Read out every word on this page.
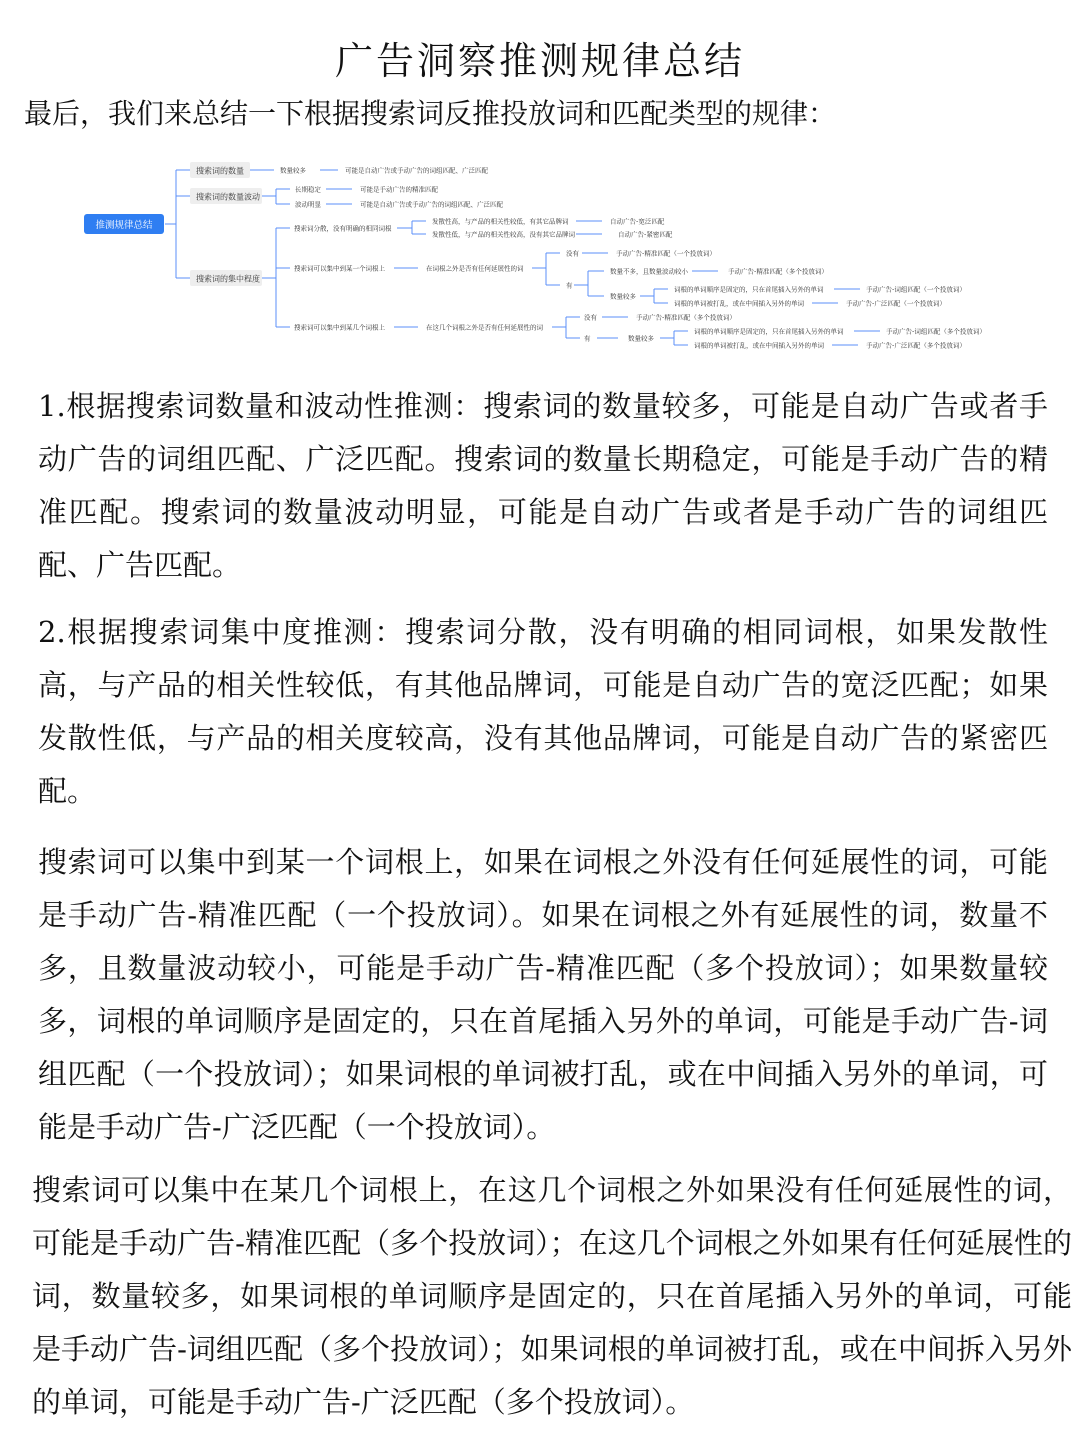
广告洞察推测规律总结
最后，我们来总结一下根据搜索词反推投放词和匹配类型的规律：
推测规律总结
搜索词的数量
搜索词的数量波动
搜索词的集中程度
数量较多	可能是自动广告或手动广告的词组匹配、广泛匹配
长期稳定	可能是手动广告的精准匹配
波动明显	可能是自动广告或手动广告的词组匹配、广泛匹配
搜索词分散，没有明确的相同词根
发散性高，与产品的相关性较低，有其它品牌词	自动广告-宽泛匹配
发散性低，与产品的相关性较高，没有其它品牌词	自动广告-紧密匹配
搜索词可以集中到某一个词根上	在词根之外是否有任何延展性的词
没有	手动广告-精准匹配（一个投放词）
有
数量不多，且数量波动较小	手动广告-精准匹配（多个投放词）
数量较多
词根的单词顺序是固定的，只在首尾插入另外的单词	手动广告-词组匹配（一个投放词）
词根的单词被打乱，或在中间插入另外的单词	手动广告-广泛匹配（一个投放词）
搜索词可以集中到某几个词根上	在这几个词根之外是否有任何延展性的词
没有	手动广告-精准匹配（多个投放词）
有	数量较多
词根的单词顺序是固定的，只在首尾插入另外的单词	手动广告-词组匹配（多个投放词）
词根的单词被打乱，或在中间插入另外的单词	手动广告-广泛匹配（多个投放词）
1.根据搜索词数量和波动性推测：搜索词的数量较多，可能是自动广告或者手动广告的词组匹配、广泛匹配。搜索词的数量长期稳定，可能是手动广告的精准匹配。搜索词的数量波动明显，可能是自动广告或者是手动广告的词组匹配、广告匹配。
2.根据搜索词集中度推测：搜索词分散，没有明确的相同词根，如果发散性高，与产品的相关性较低，有其他品牌词，可能是自动广告的宽泛匹配；如果发散性低，与产品的相关度较高，没有其他品牌词，可能是自动广告的紧密匹配。
搜索词可以集中到某一个词根上，如果在词根之外没有任何延展性的词，可能是手动广告-精准匹配（一个投放词）。如果在词根之外有延展性的词，数量不多，且数量波动较小，可能是手动广告-精准匹配（多个投放词）；如果数量较多，词根的单词顺序是固定的，只在首尾插入另外的单词，可能是手动广告-词组匹配（一个投放词）；如果词根的单词被打乱，或在中间插入另外的单词，可能是手动广告-广泛匹配（一个投放词）。
搜索词可以集中在某几个词根上，在这几个词根之外如果没有任何延展性的词，可能是手动广告-精准匹配（多个投放词）；在这几个词根之外如果有任何延展性的词，数量较多，如果词根的单词顺序是固定的，只在首尾插入另外的单词，可能是手动广告-词组匹配（多个投放词）；如果词根的单词被打乱，或在中间拆入另外的单词，可能是手动广告-广泛匹配（多个投放词）。
